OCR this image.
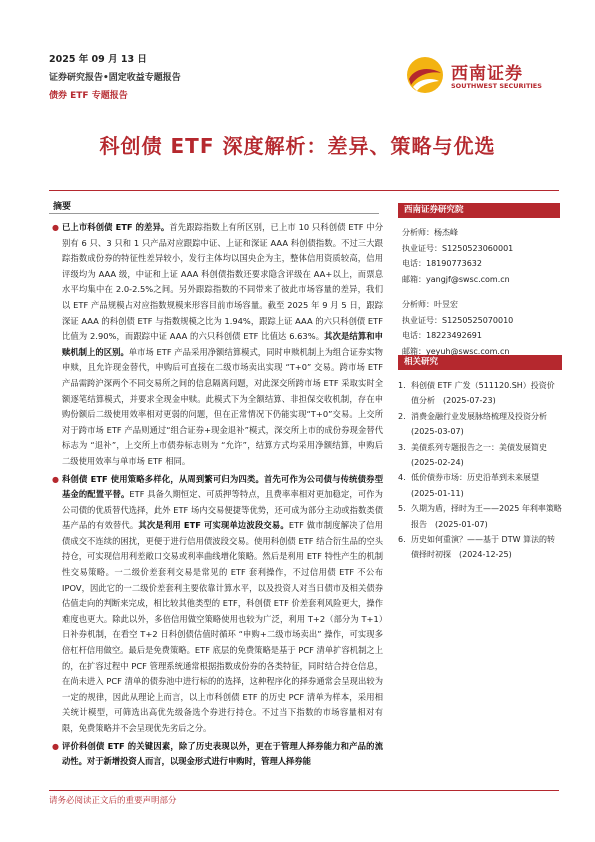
2025 年 09 月 13 日
证券研究报告•固定收益专题报告
债券 ETF 专题报告
西南证券
SOUTHWEST SECURITIES
科创债 ETF 深度解析：差异、策略与优选
摘要
● 已上市科创债 ETF 的差异。首先跟踪指数上有所区别，已上市 10 只科创债 ETF 中分别有 6 只、3 只和 1 只产品对应跟踪中证、上证和深证 AAA 科创债指数。不过三大跟踪指数成份券的特征性差异较小，发行主体均以国央企为主，整体信用资质较高，信用评级均为 AAA 级，中证和上证 AAA 科创债指数还要求隐含评级在 AA+以上，而票息水平均集中在 2.0-2.5%之间。另外跟踪指数的不同带来了彼此市场容量的差异，我们以 ETF 产品规模占对应指数规模来形容目前市场容量。截至 2025 年 9 月 5 日，跟踪深证 AAA 的科创债 ETF 与指数规模之比为 1.94%，跟踪上证 AAA 的六只科创债 ETF 比值为 2.90%，而跟踪中证 AAA 的六只科创债 ETF 比值达 6.63%。其次是结算和申赎机制上的区别。单市场 ETF 产品采用净额结算模式，同时申赎机制上为组合证券实物申赎，且允许现金替代，申购后可直接在二级市场卖出实现 “T+0” 交易。跨市场 ETF 产品需跨沪深两个不同交易所之间的信息隔离问题，对此深交所跨市场 ETF 采取实时全额逐笔结算模式，并要求全现金申赎。此模式下为全额结算、非担保交收机制，存在申购份额后二级使用效率相对更弱的问题，但在正常情况下仍能实现“T+0”交易。上交所对于跨市场 ETF 产品则通过“组合证券+现金退补”模式，深交所上市的成份券现金替代标志为 “退补”，上交所上市债券标志则为 “允许”，结算方式均采用净额结算，申购后二级使用效率与单市场 ETF 相同。
● 科创债 ETF 使用策略多样化，从周到繁可归为四类。首先可作为公司债与传统债券型基金的配置平替。ETF 具备久期恒定、可质押等特点，且费率率相对更加稳定，可作为公司债的优质替代选择，此外 ETF 场内交易便捷等优势，还可成为部分主动或指数类债基产品的有效替代。其次是利用 ETF 可实现单边波段交易。ETF 做市制度解决了信用债成交不连续的困扰，更便于进行信用债波段交易。使用科创债 ETF 结合衍生品的空头持仓，可实现信用利差敞口交易或利率曲线增化策略。然后是利用 ETF 特性产生的机制性交易策略。一二级价差套利交易是常见的 ETF 套利操作，不过信用债 ETF 不公布 IPOV，因此它的一二级价差套利主要依靠计算水平，以及投资人对当日债市及相关债券估值走向的判断来完成，相比较其他类型的 ETF，科创债 ETF 价差套利风险更大，操作难度也更大。除此以外，多倍信用做空策略使用也较为广泛，利用 T+2（部分为 T+1）日补券机制，在看空 T+2 日科创债估值时循环 “申购+二级市场卖出” 操作，可实现多倍杠杆信用做空。最后是免费策略。ETF 底层的免费策略是基于 PCF 清单扩容机制之上的，在扩容过程中 PCF 管理系统通常根据指数成份券的各类特征，同时结合持仓信息，在尚未进入 PCF 清单的债券池中进行标的的选择，这种程序化的择券通常会呈现出较为一定的规律，因此从理论上而言，以上市科创债 ETF 的历史 PCF 清单为样本，采用相关统计模型，可筛选出高优先级备选个券进行持仓。不过当下指数的市场容量相对有限，免费策略并不会呈现优先劣后之分。
● 评价科创债 ETF 的关键因素，除了历史表现以外，更在于管理人择券能力和产品的流动性。对于新增投资人而言，以现金形式进行申购时，管理人择券能
西南证券研究院
分析师：杨杰峰
执业证号：S1250523060001
电话：18190773632
邮箱：yangjf@swsc.com.cn
分析师：叶昱宏
执业证号：S1250525070010
电话：18223492691
邮箱：yeyuh@swsc.com.cn
相关研究
1. 科创债 ETF 广发（511120.SH）投资价值分析　(2025-07-23)
2. 消费金融行业发展脉络梳理及投资分析　(2025-03-07)
3. 美债系列专题报告之一：美债发展简史　(2025-02-24)
4. 低价债券市场：历史沿革到未来展望　(2025-01-11)
5. 久期为盾，择时为王——2025 年利率策略报告　(2025-01-07)
6. 历史如何重演？——基于 DTW 算法的转债择时初探　(2024-12-25)
请务必阅读正文后的重要声明部分
